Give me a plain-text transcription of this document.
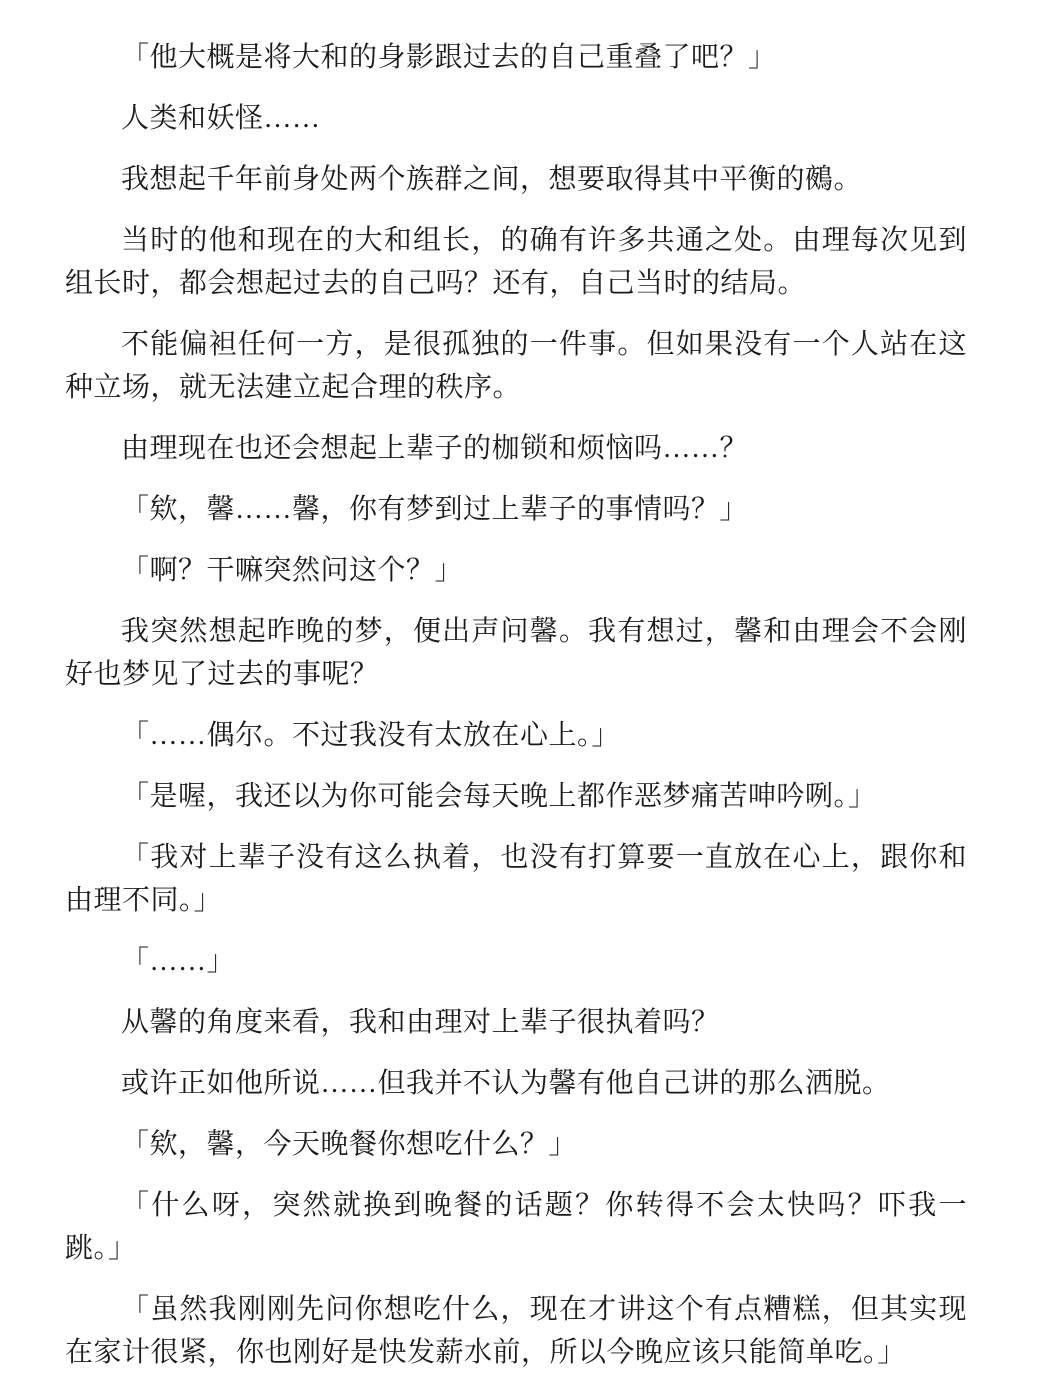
「他大概是将大和的身影跟过去的自己重叠了吧？」

人类和妖怪……

我想起千年前身处两个族群之间，想要取得其中平衡的鵺。

当时的他和现在的大和组长，的确有许多共通之处。由理每次见到组长时，都会想起过去的自己吗？还有，自己当时的结局。

不能偏袒任何一方，是很孤独的一件事。但如果没有一个人站在这种立场，就无法建立起合理的秩序。

由理现在也还会想起上辈子的枷锁和烦恼吗……？

「欸，馨……馨，你有梦到过上辈子的事情吗？」

「啊？干嘛突然问这个？」

我突然想起昨晚的梦，便出声问馨。我有想过，馨和由理会不会刚好也梦见了过去的事呢？

「……偶尔。不过我没有太放在心上。」

「是喔，我还以为你可能会每天晚上都作恶梦痛苦呻吟咧。」

「我对上辈子没有这么执着，也没有打算要一直放在心上，跟你和由理不同。」

「……」

从馨的角度来看，我和由理对上辈子很执着吗？

或许正如他所说……但我并不认为馨有他自己讲的那么洒脱。

「欸，馨，今天晚餐你想吃什么？」

「什么呀，突然就换到晚餐的话题？你转得不会太快吗？吓我一跳。」

「虽然我刚刚先问你想吃什么，现在才讲这个有点糟糕，但其实现在家计很紧，你也刚好是快发薪水前，所以今晚应该只能简单吃。」
